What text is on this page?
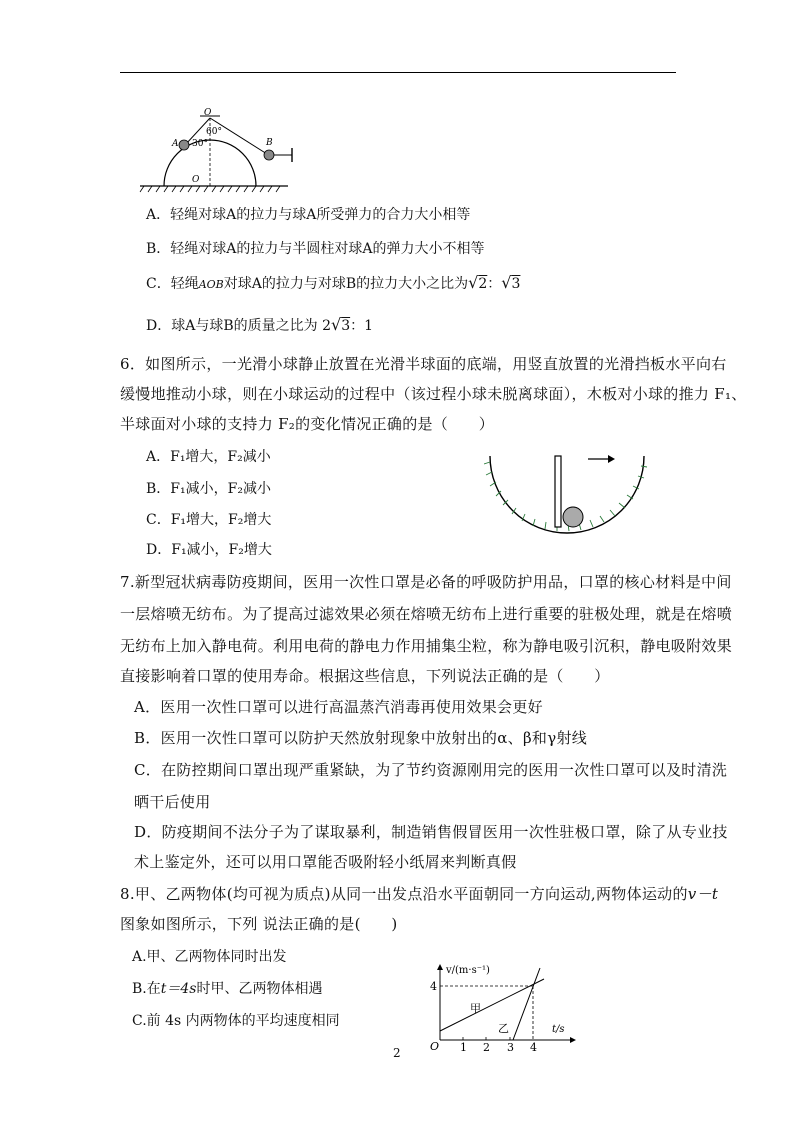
O
60°
A 30°	B
O
A．轻绳对球A的拉力与球A所受弹力的合力大小相等
B．轻绳对球A的拉力与半圆柱对球A的弹力大小不相等
C．轻绳AOB对球A的拉力与对球B的拉力大小之比为√2：√3
D．球A与球B的质量之比为 2√3：1
6．如图所示，一光滑小球静止放置在光滑半球面的底端，用竖直放置的光滑挡板水平向右
缓慢地推动小球，则在小球运动的过程中（该过程小球未脱离球面），木板对小球的推力 F₁、
半球面对小球的支持力 F₂的变化情况正确的是（　　）
A．F₁增大，F₂减小
B．F₁减小，F₂减小
C．F₁增大，F₂增大
D．F₁减小，F₂增大
7.新型冠状病毒防疫期间，医用一次性口罩是必备的呼吸防护用品，口罩的核心材料是中间
一层熔喷无纺布。为了提高过滤效果必须在熔喷无纺布上进行重要的驻极处理，就是在熔喷
无纺布上加入静电荷。利用电荷的静电力作用捕集尘粒，称为静电吸引沉积，静电吸附效果
直接影响着口罩的使用寿命。根据这些信息，下列说法正确的是（　　）
A．医用一次性口罩可以进行高温蒸汽消毒再使用效果会更好
B．医用一次性口罩可以防护天然放射现象中放射出的α、β和γ射线
C．在防控期间口罩出现严重紧缺，为了节约资源刚用完的医用一次性口罩可以及时清洗
晒干后使用
D．防疫期间不法分子为了谋取暴利，制造销售假冒医用一次性驻极口罩，除了从专业技
术上鉴定外，还可以用口罩能否吸附轻小纸屑来判断真假
8.甲、乙两物体(均可视为质点)从同一出发点沿水平面朝同一方向运动,两物体运动的v－t
图象如图所示，下列 说法正确的是(　　)
A.甲、乙两物体同时出发
B.在t＝4s时甲、乙两物体相遇
C.前 4s 内两物体的平均速度相同
v/(m·s⁻¹)
4
甲
乙	t/s
O 1 2 3 4
2
